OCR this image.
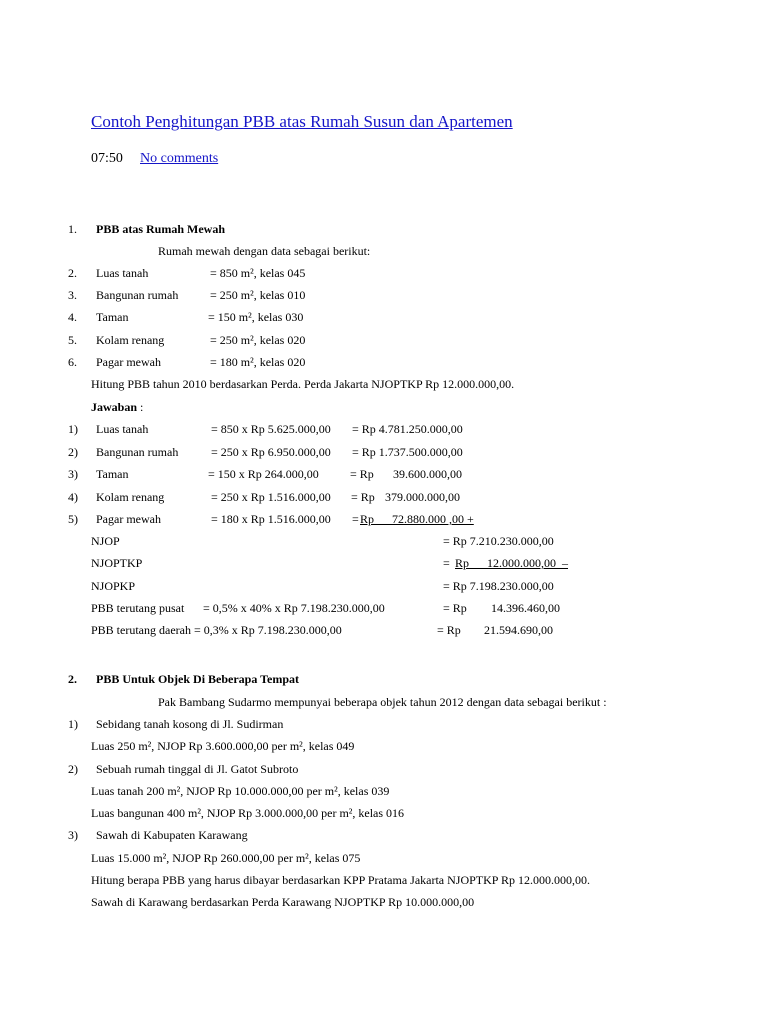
Contoh Penghitungan PBB atas Rumah Susun dan Apartemen
07:50 No comments
1. PBB atas Rumah Mewah
Rumah mewah dengan data sebagai berikut:
2. Luas tanah	= 850 m², kelas 045
3. Bangunan rumah	= 250 m², kelas 010
4. Taman	= 150 m², kelas 030
5. Kolam renang	= 250 m², kelas 020
6. Pagar mewah	= 180 m², kelas 020
Hitung PBB tahun 2010 berdasarkan Perda. Perda Jakarta NJOPTKP Rp 12.000.000,00.
Jawaban :
1) Luas tanah	= 850 x Rp 5.625.000,00 = Rp 4.781.250.000,00
2) Bangunan rumah	= 250 x Rp 6.950.000,00 = Rp 1.737.500.000,00
3) Taman	= 150 x Rp 264.000,00	= Rp 39.600.000,00
4) Kolam renang	= 250 x Rp 1.516.000,00 = Rp 379.000.000,00
5) Pagar mewah	= 180 x Rp 1.516.000,00 = Rp      72.880.000 ,00 +
NJOP	= Rp 7.210.230.000,00
NJOPTKP	= Rp      12.000.000,00  –
NJOPKP	= Rp 7.198.230.000,00
PBB terutang pusat = 0,5% x 40% x Rp 7.198.230.000,00	= Rp 14.396.460,00
PBB terutang daerah = 0,3% x Rp 7.198.230.000,00	= Rp 21.594.690,00
2. PBB Untuk Objek Di Beberapa Tempat
Pak Bambang Sudarmo mempunyai beberapa objek tahun 2012 dengan data sebagai berikut :
1) Sebidang tanah kosong di Jl. Sudirman
Luas 250 m², NJOP Rp 3.600.000,00 per m², kelas 049
2) Sebuah rumah tinggal di Jl. Gatot Subroto
Luas tanah 200 m², NJOP Rp 10.000.000,00 per m², kelas 039
Luas bangunan 400 m², NJOP Rp 3.000.000,00 per m², kelas 016
3) Sawah di Kabupaten Karawang
Luas 15.000 m², NJOP Rp 260.000,00 per m², kelas 075
Hitung berapa PBB yang harus dibayar berdasarkan KPP Pratama Jakarta NJOPTKP Rp 12.000.000,00.
Sawah di Karawang berdasarkan Perda Karawang NJOPTKP Rp 10.000.000,00
